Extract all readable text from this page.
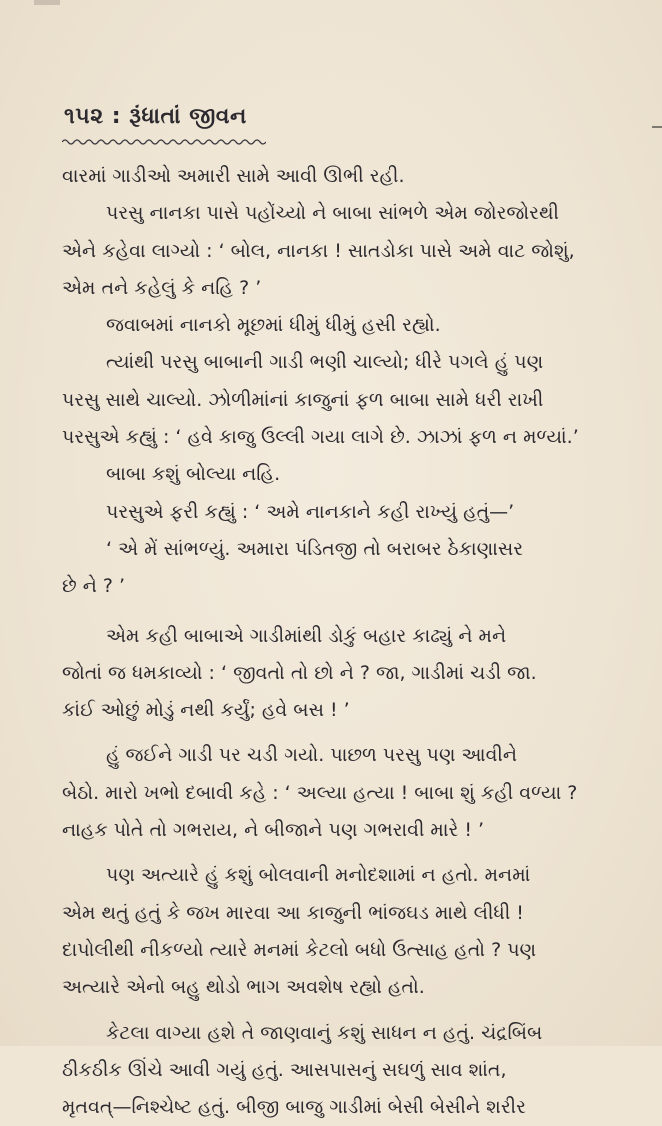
૧૫૨ : રૂંધાતાં જીવન
વારમાં ગાડીઓ અમારી સામે આવી ઊભી રહી.
પરસુ નાનકા પાસે પહોંચ્યો ને બાબા સાંભળે એમ જોરજોરથી
એને કહેવા લાગ્યો : ‘ બોલ, નાનકા ! સાતડોકા પાસે અમે વાટ જોશું,
એમ તને કહેલું કે નહિ ? ’
જવાબમાં નાનકો મૂછમાં ધીમું ધીમું હસી રહ્યો.
ત્યાંથી પરસુ બાબાની ગાડી ભણી ચાલ્યો; ધીરે પગલે હું પણ
પરસુ સાથે ચાલ્યો. ઝોળીમાંનાં કાજુનાં ફળ બાબા સામે ધરી રાખી
પરસુએ કહ્યું : ‘ હવે કાજુ ઉલ્લી ગયા લાગે છે. ઝાઝાં ફળ ન મળ્યાં.’
બાબા કશું બોલ્યા નહિ.
પરસુએ ફરી કહ્યું : ‘ અમે નાનકાને કહી રાખ્યું હતું—’
‘ એ મેં સાંભળ્યું. અમારા પંડિતજી તો બરાબર ઠેકાણાસર
છે ને ? ’
એમ કહી બાબાએ ગાડીમાંથી ડોકું બહાર કાઢ્યું ને મને
જોતાં જ ધમકાવ્યો : ‘ જીવતો તો છો ને ? જા, ગાડીમાં ચડી જા.
કાંઈ ઓછું મોડું નથી કર્યું; હવે બસ ! ’
હું જઈને ગાડી પર ચડી ગયો. પાછળ પરસુ પણ આવીને
બેઠો. મારો ખભો દબાવી કહે : ‘ અલ્યા હત્યા ! બાબા શું કહી વળ્યા ?
નાહક પોતે તો ગભરાય, ને બીજાને પણ ગભરાવી મારે ! ’
પણ અત્યારે હું કશું બોલવાની મનોદશામાં ન હતો. મનમાં
એમ થતું હતું કે જખ મારવા આ કાજુની ભાંજઘડ માથે લીધી !
દાપોલીથી નીકળ્યો ત્યારે મનમાં કેટલો બધો ઉત્સાહ હતો ? પણ
અત્યારે એનો બહુ થોડો ભાગ અવશેષ રહ્યો હતો.
કેટલા વાગ્યા હશે તે જાણવાનું કશું સાધન ન હતું. ચંદ્રબિંબ
ઠીકઠીક ઊંચે આવી ગયું હતું. આસપાસનું સઘળું સાવ શાંત,
મૃતવત્—નિશ્ચેષ્ટ હતું. બીજી બાજુ ગાડીમાં બેસી બેસીને શરીર
